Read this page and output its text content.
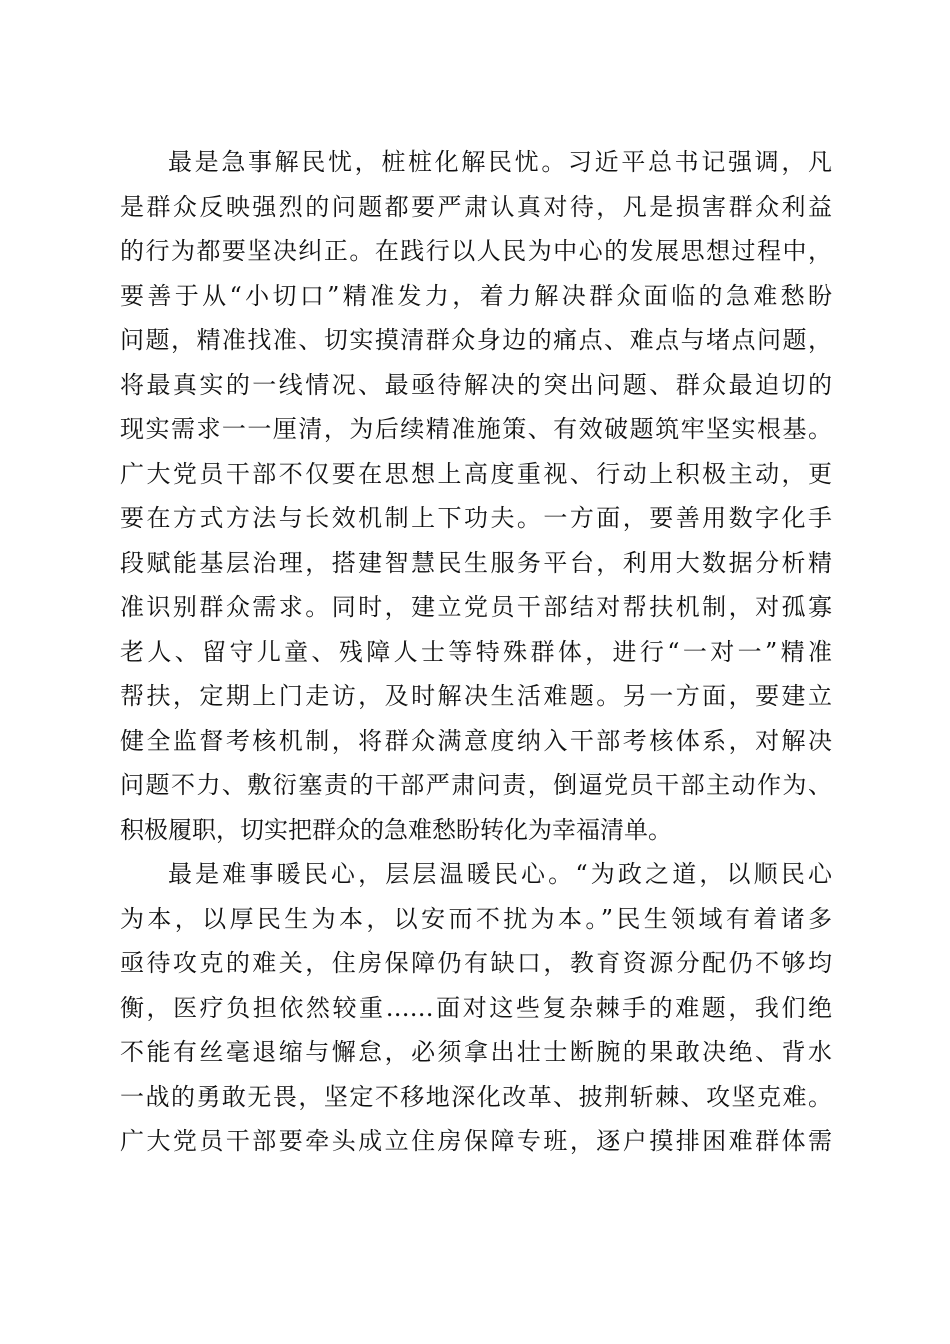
最是急事解民忧，桩桩化解民忧。习近平总书记强调，凡
是群众反映强烈的问题都要严肃认真对待，凡是损害群众利益
的行为都要坚决纠正。在践行以人民为中心的发展思想过程中，
要善于从“小切口”精准发力，着力解决群众面临的急难愁盼
问题，精准找准、切实摸清群众身边的痛点、难点与堵点问题，
将最真实的一线情况、最亟待解决的突出问题、群众最迫切的
现实需求一一厘清，为后续精准施策、有效破题筑牢坚实根基。
广大党员干部不仅要在思想上高度重视、行动上积极主动，更
要在方式方法与长效机制上下功夫。一方面，要善用数字化手
段赋能基层治理，搭建智慧民生服务平台，利用大数据分析精
准识别群众需求。同时，建立党员干部结对帮扶机制，对孤寡
老人、留守儿童、残障人士等特殊群体，进行“一对一”精准
帮扶，定期上门走访，及时解决生活难题。另一方面，要建立
健全监督考核机制，将群众满意度纳入干部考核体系，对解决
问题不力、敷衍塞责的干部严肃问责，倒逼党员干部主动作为、
积极履职，切实把群众的急难愁盼转化为幸福清单。
最是难事暖民心，层层温暖民心。“为政之道，以顺民心
为本，以厚民生为本，以安而不扰为本。”民生领域有着诸多
亟待攻克的难关，住房保障仍有缺口，教育资源分配仍不够均
衡，医疗负担依然较重……面对这些复杂棘手的难题，我们绝
不能有丝毫退缩与懈怠，必须拿出壮士断腕的果敢决绝、背水
一战的勇敢无畏，坚定不移地深化改革、披荆斩棘、攻坚克难。
广大党员干部要牵头成立住房保障专班，逐户摸排困难群体需
